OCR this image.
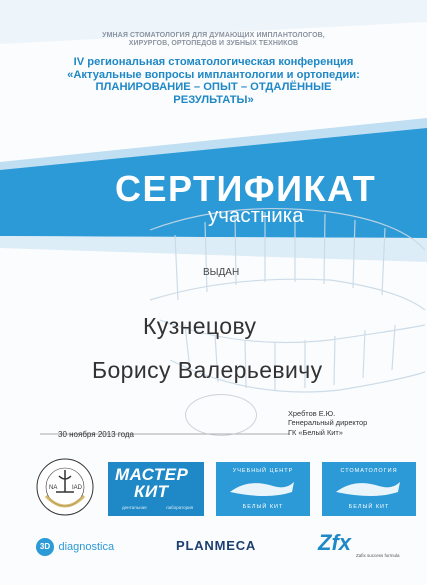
УМНАЯ СТОМАТОЛОГИЯ ДЛЯ ДУМАЮЩИХ ИМПЛАНТОЛОГОВ,
ХИРУРГОВ, ОРТОПЕДОВ И ЗУБНЫХ ТЕХНИКОВ
IV региональная стоматологическая конференция
«Актуальные вопросы имплантологии и ортопедии:
ПЛАНИРОВАНИЕ – ОПЫТ – ОТДАЛЁННЫЕ
РЕЗУЛЬТАТЫ»
СЕРТИФИКАТ
участника
ВЫДАН
Кузнецову
Борису Валерьевичу
30 ноября 2013 года
Хребтов Е.Ю.
Генеральный директор
ГК «Белый Кит»
NA IAD
МАСТЕР
КИТ
дентальная	лаборатория
УЧЕБНЫЙ ЦЕНТР
БЕЛЫЙ КИТ
СТОМАТОЛОГИЯ
БЕЛЫЙ КИТ
3D diagnostica	PLANMECA	Zfx
Zafix success formula
